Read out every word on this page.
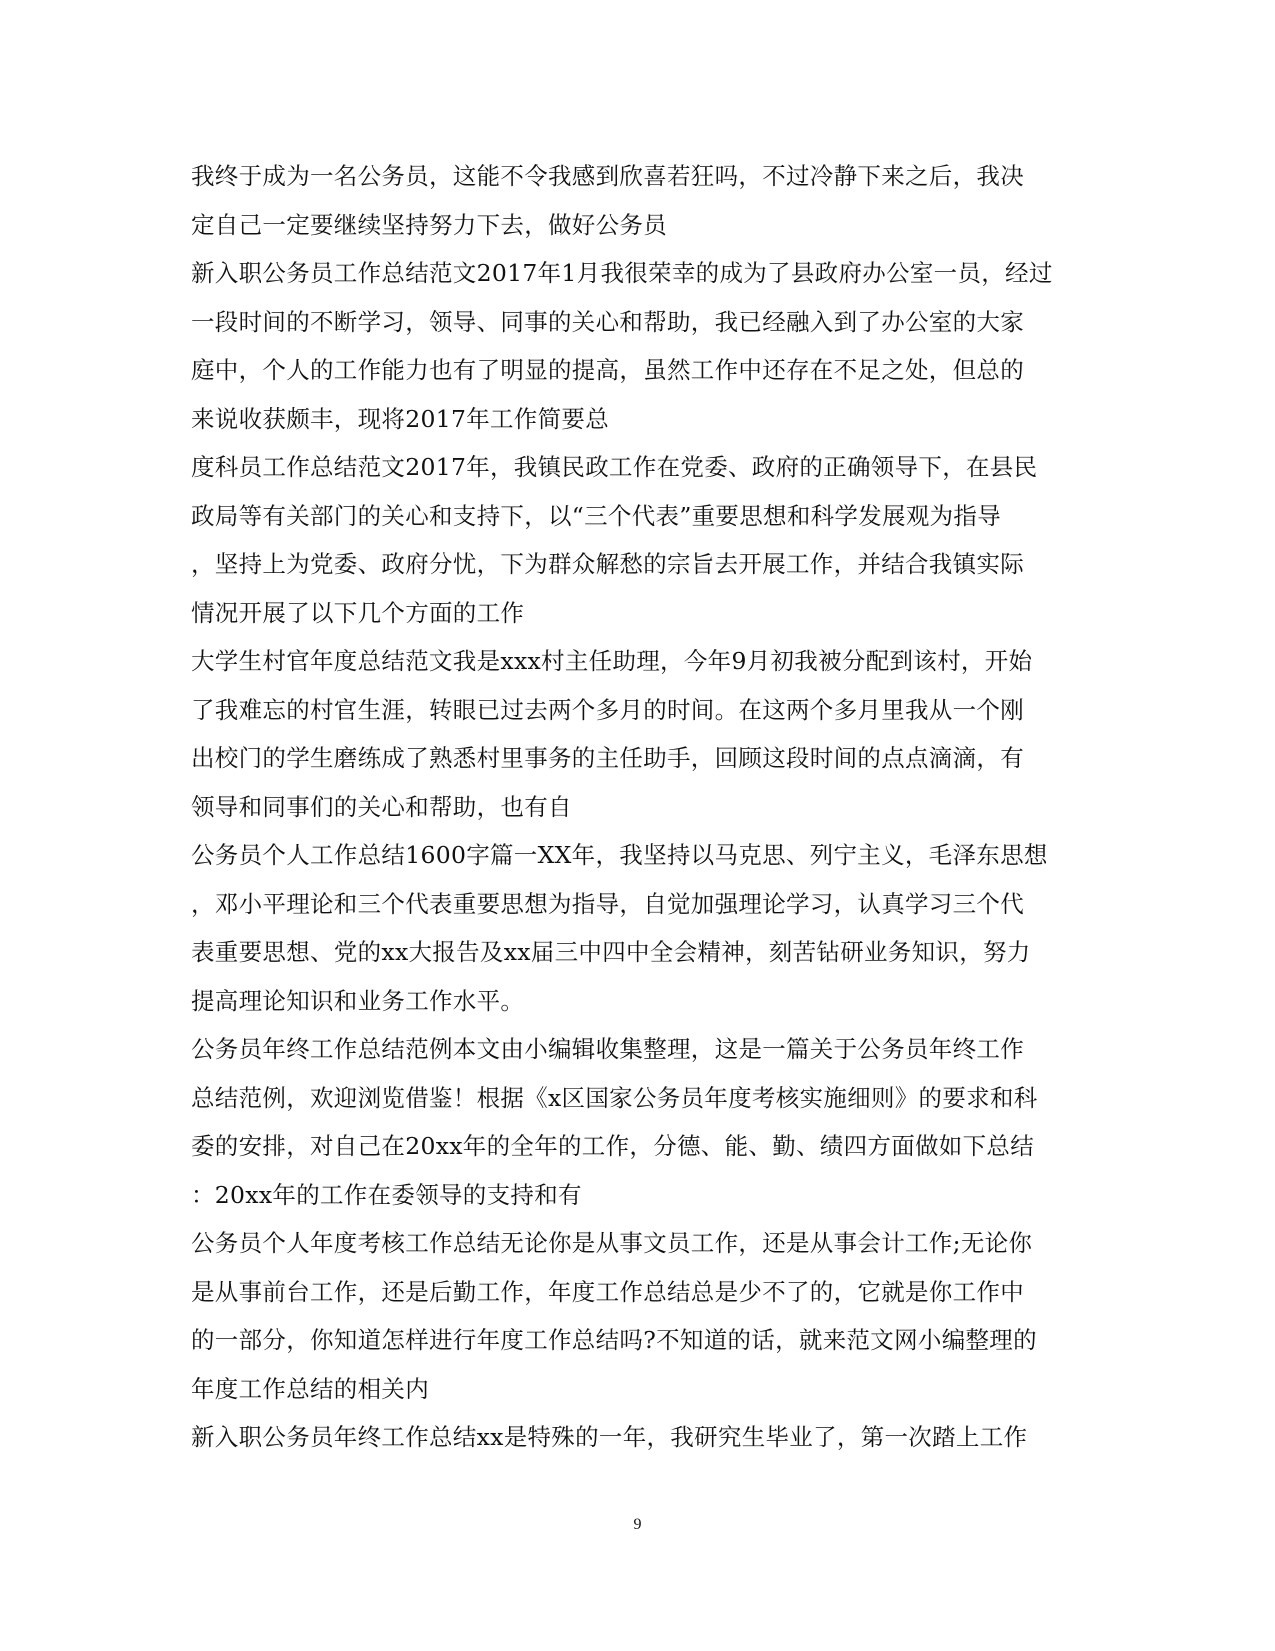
我终于成为一名公务员，这能不令我感到欣喜若狂吗，不过冷静下来之后，我决
定自己一定要继续坚持努力下去，做好公务员
新入职公务员工作总结范文2017年1月我很荣幸的成为了县政府办公室一员，经过
一段时间的不断学习，领导、同事的关心和帮助，我已经融入到了办公室的大家
庭中，个人的工作能力也有了明显的提高，虽然工作中还存在不足之处，但总的
来说收获颇丰，现将2017年工作简要总
度科员工作总结范文2017年，我镇民政工作在党委、政府的正确领导下，在县民
政局等有关部门的关心和支持下，以“三个代表”重要思想和科学发展观为指导
，坚持上为党委、政府分忧，下为群众解愁的宗旨去开展工作，并结合我镇实际
情况开展了以下几个方面的工作
大学生村官年度总结范文我是xxx村主任助理，今年9月初我被分配到该村，开始
了我难忘的村官生涯，转眼已过去两个多月的时间。在这两个多月里我从一个刚
出校门的学生磨练成了熟悉村里事务的主任助手，回顾这段时间的点点滴滴，有
领导和同事们的关心和帮助，也有自
公务员个人工作总结1600字篇一XX年，我坚持以马克思、列宁主义，毛泽东思想
，邓小平理论和三个代表重要思想为指导，自觉加强理论学习，认真学习三个代
表重要思想、党的xx大报告及xx届三中四中全会精神，刻苦钻研业务知识，努力
提高理论知识和业务工作水平。
公务员年终工作总结范例本文由小编辑收集整理，这是一篇关于公务员年终工作
总结范例，欢迎浏览借鉴！根据《x区国家公务员年度考核实施细则》的要求和科
委的安排，对自己在20xx年的全年的工作，分德、能、勤、绩四方面做如下总结
：20xx年的工作在委领导的支持和有
公务员个人年度考核工作总结无论你是从事文员工作，还是从事会计工作;无论你
是从事前台工作，还是后勤工作，年度工作总结总是少不了的，它就是你工作中
的一部分，你知道怎样进行年度工作总结吗?不知道的话，就来范文网小编整理的
年度工作总结的相关内
新入职公务员年终工作总结xx是特殊的一年，我研究生毕业了，第一次踏上工作
9
